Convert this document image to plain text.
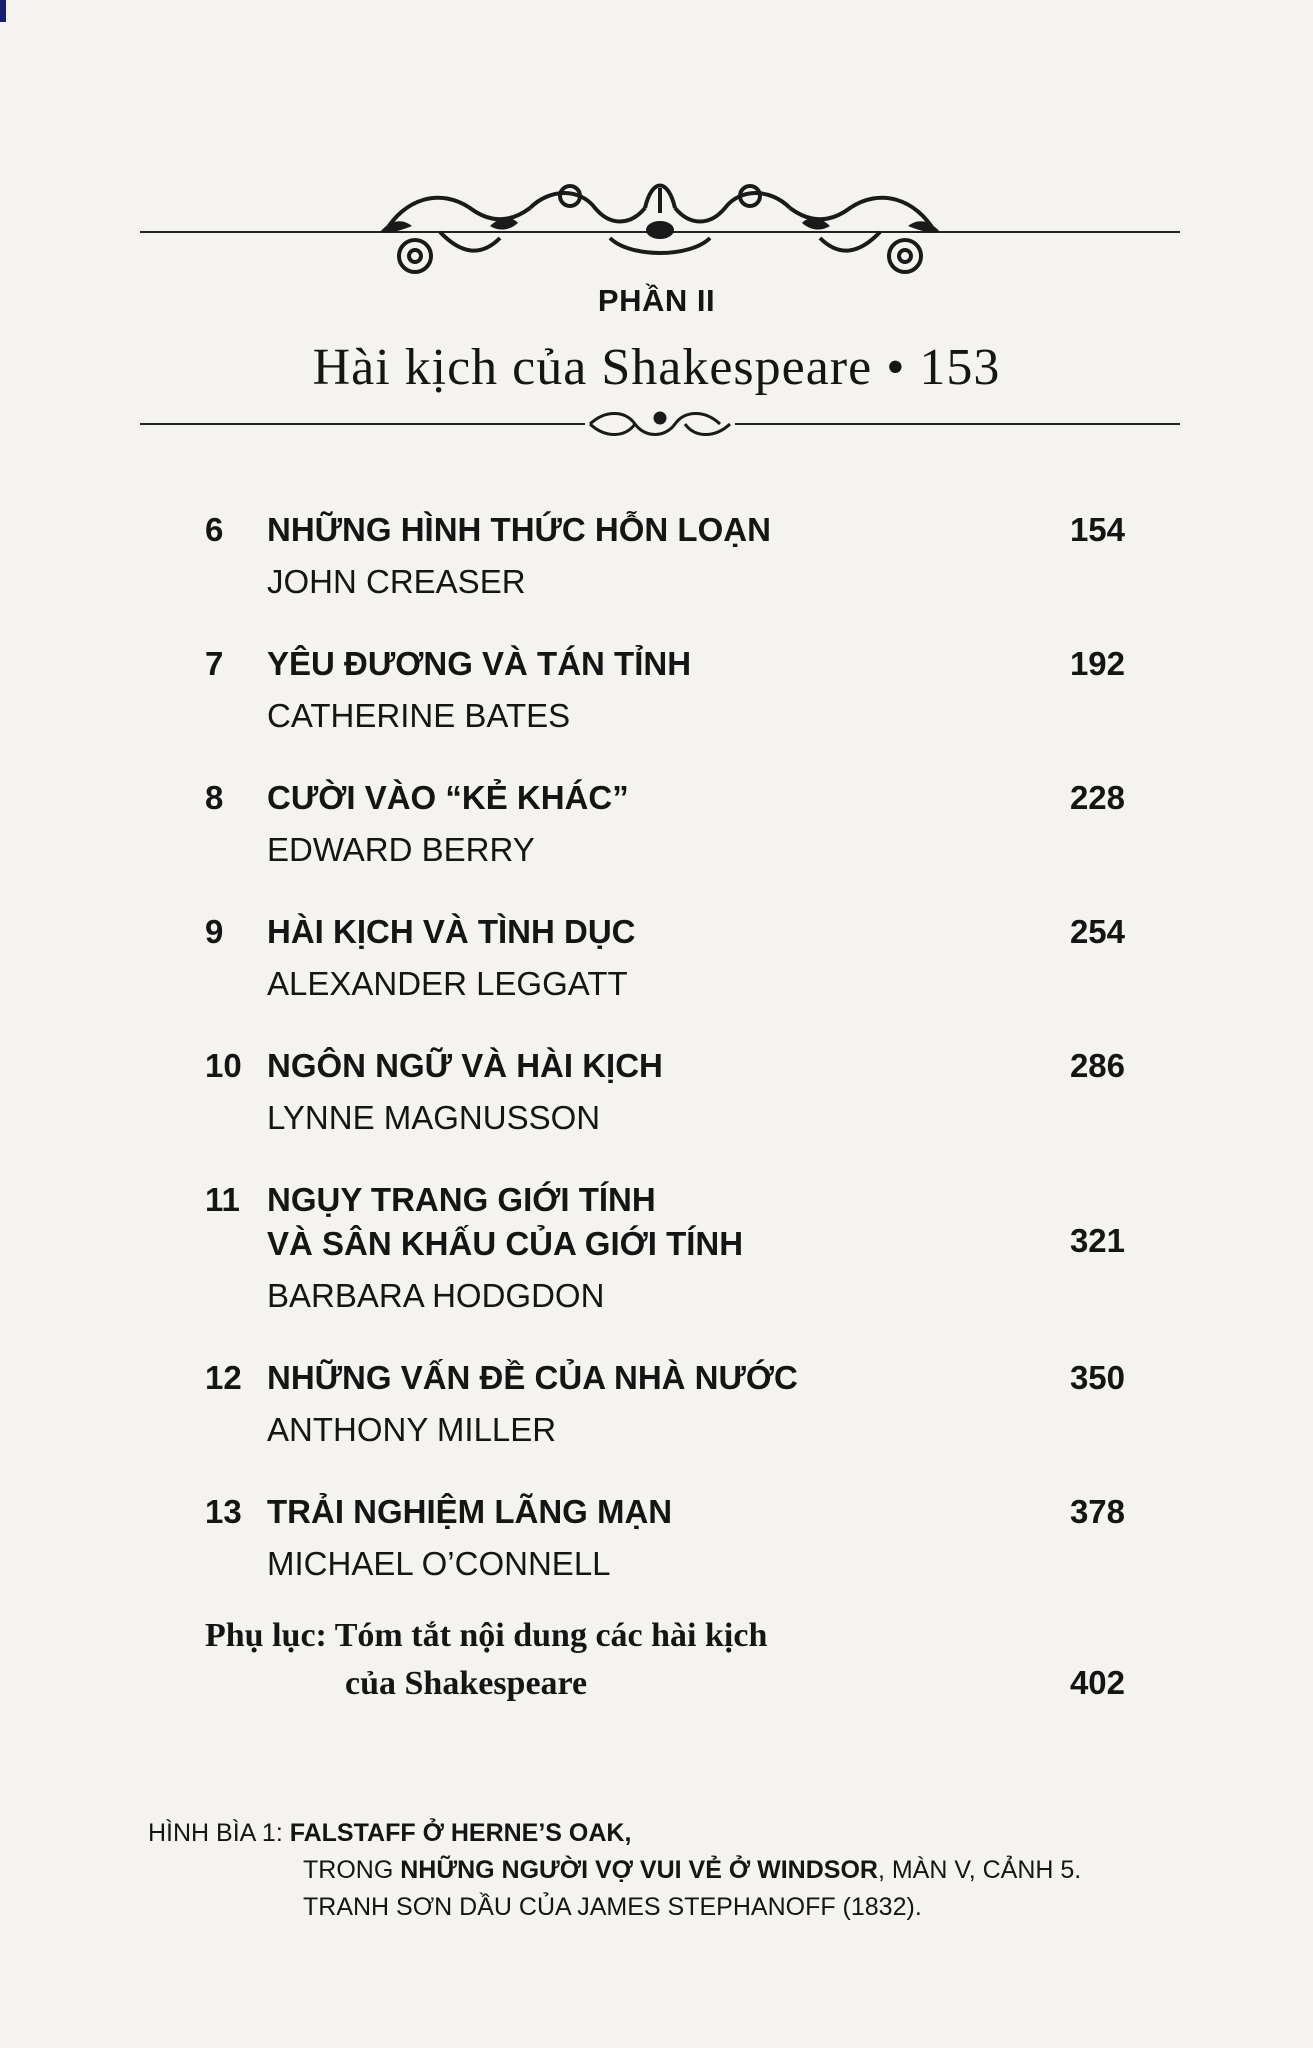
PHẦN II
Hài kịch của Shakespeare • 153
6	NHỮNG HÌNH THỨC HỖN LOẠN	154
JOHN CREASER
7	YÊU ĐƯƠNG VÀ TÁN TỈNH	192
CATHERINE BATES
8	CƯỜI VÀO “KẺ KHÁC”	228
EDWARD BERRY
9	HÀI KỊCH VÀ TÌNH DỤC	254
ALEXANDER LEGGATT
10 NGÔN NGỮ VÀ HÀI KỊCH	286
LYNNE MAGNUSSON
11 NGỤY TRANG GIỚI TÍNH
VÀ SÂN KHẤU CỦA GIỚI TÍNH	321
BARBARA HODGDON
12 NHỮNG VẤN ĐỀ CỦA NHÀ NƯỚC	350
ANTHONY MILLER
13 TRẢI NGHIỆM LÃNG MẠN	378
MICHAEL O’CONNELL
Phụ lục: Tóm tắt nội dung các hài kịch
của Shakespeare	402
HÌNH BÌA 1: FALSTAFF Ở HERNE’S OAK,
TRONG NHỮNG NGƯỜI VỢ VUI VẺ Ở WINDSOR, MÀN V, CẢNH 5.
TRANH SƠN DẦU CỦA JAMES STEPHANOFF (1832).
